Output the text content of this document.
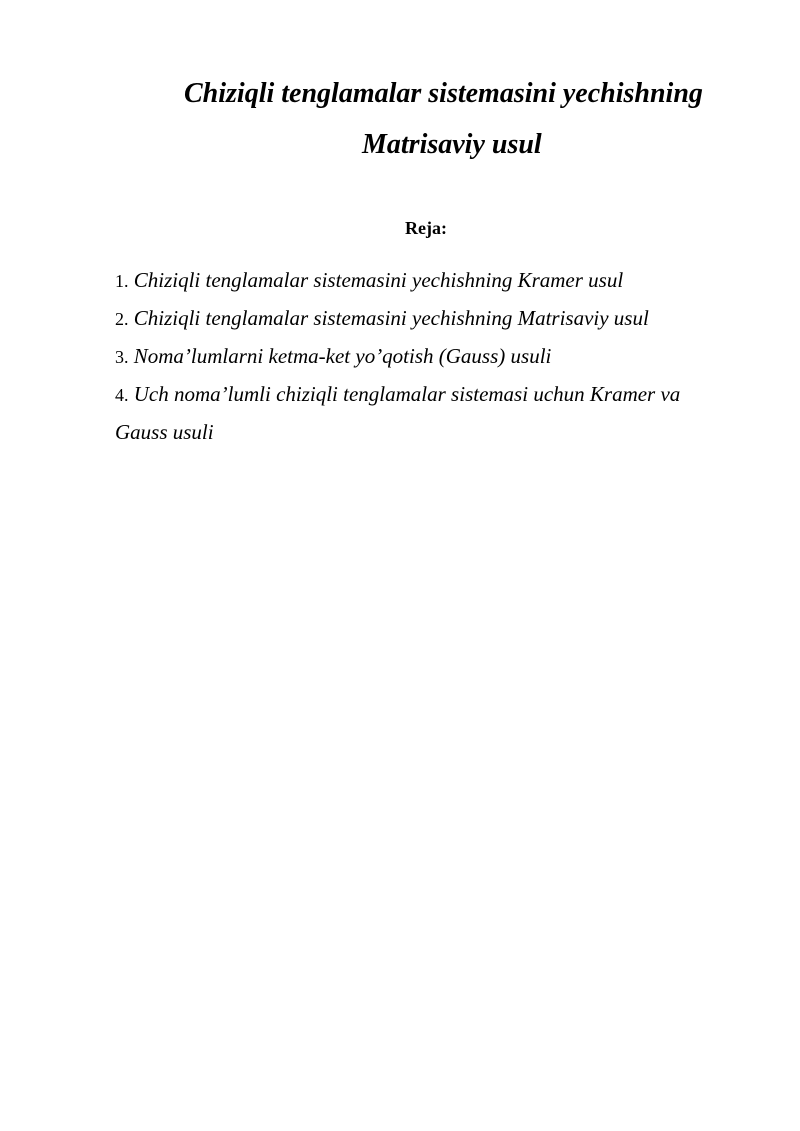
Chiziqli tenglamalar sistemasini yechishning
Matrisaviy usul
Reja:
1. Chiziqli tenglamalar sistemasini yechishning Kramer usul
2. Chiziqli tenglamalar sistemasini yechishning Matrisaviy usul
3. Noma’lumlarni ketma-ket yo’qotish (Gauss) usuli
4. Uch noma’lumli chiziqli tenglamalar sistemasi uchun Kramer va
Gauss usuli
